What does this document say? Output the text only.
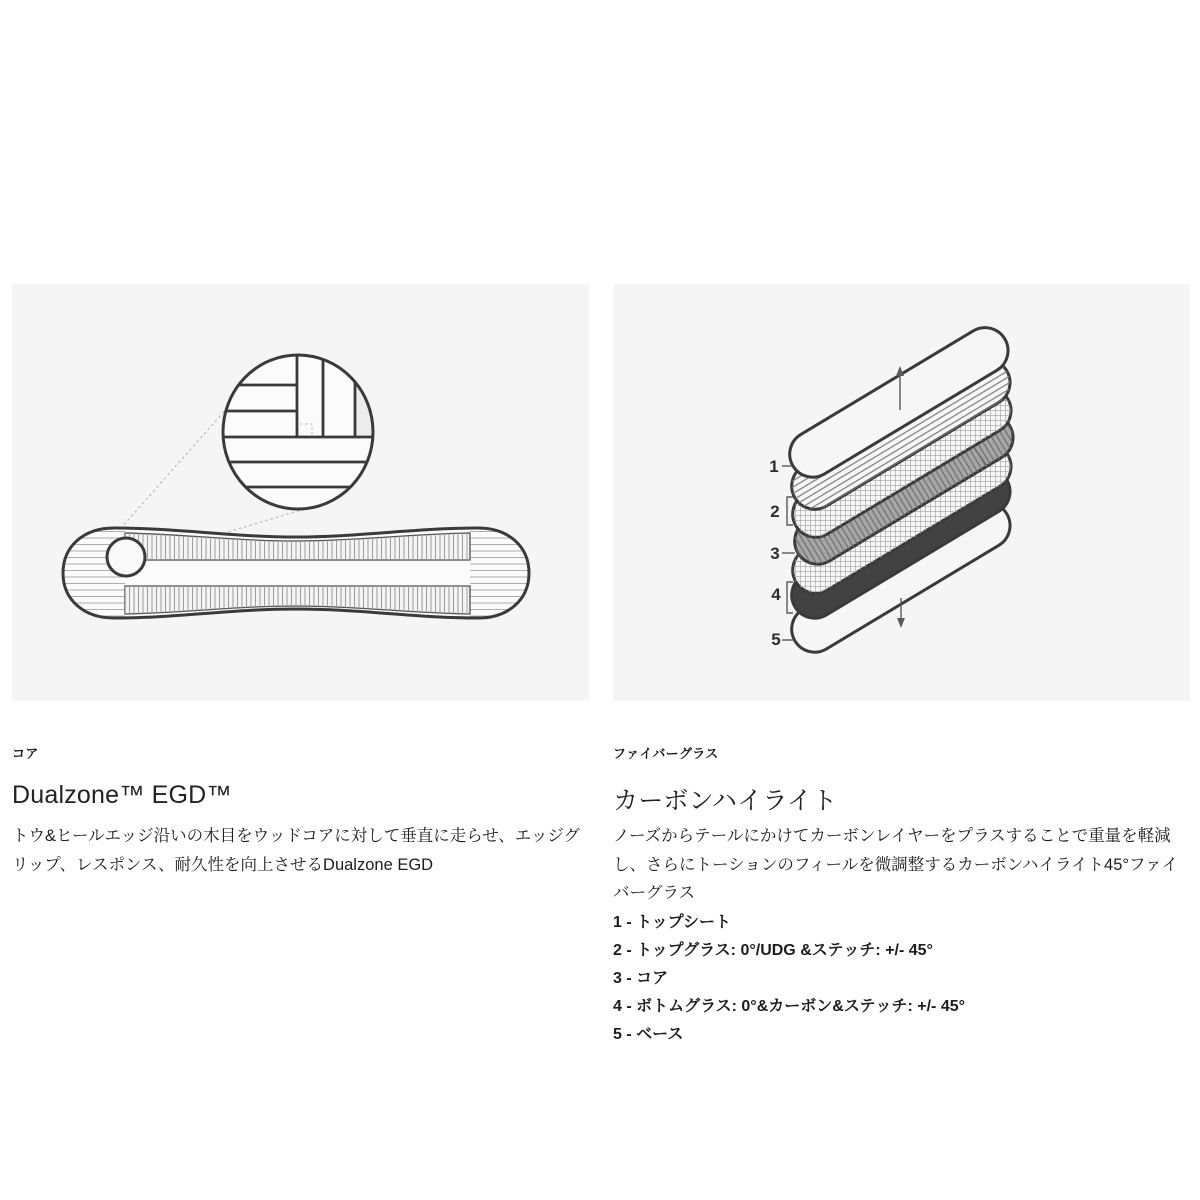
1
2
3
4
5
コア
Dualzone™ EGD™
トウ&ヒールエッジ沿いの木目をウッドコアに対して垂直に走らせ、エッジグリップ、レスポンス、耐久性を向上させるDualzone EGD
ファイバーグラス
カーボンハイライト
ノーズからテールにかけてカーボンレイヤーをプラスすることで重量を軽減し、さらにトーションのフィールを微調整するカーボンハイライト45°ファイバーグラス
1 - トップシート
2 - トップグラス: 0°/UDG &ステッチ: +/- 45°
3 - コア
4 - ボトムグラス: 0°&カーボン&ステッチ: +/- 45°
5 - ベース
